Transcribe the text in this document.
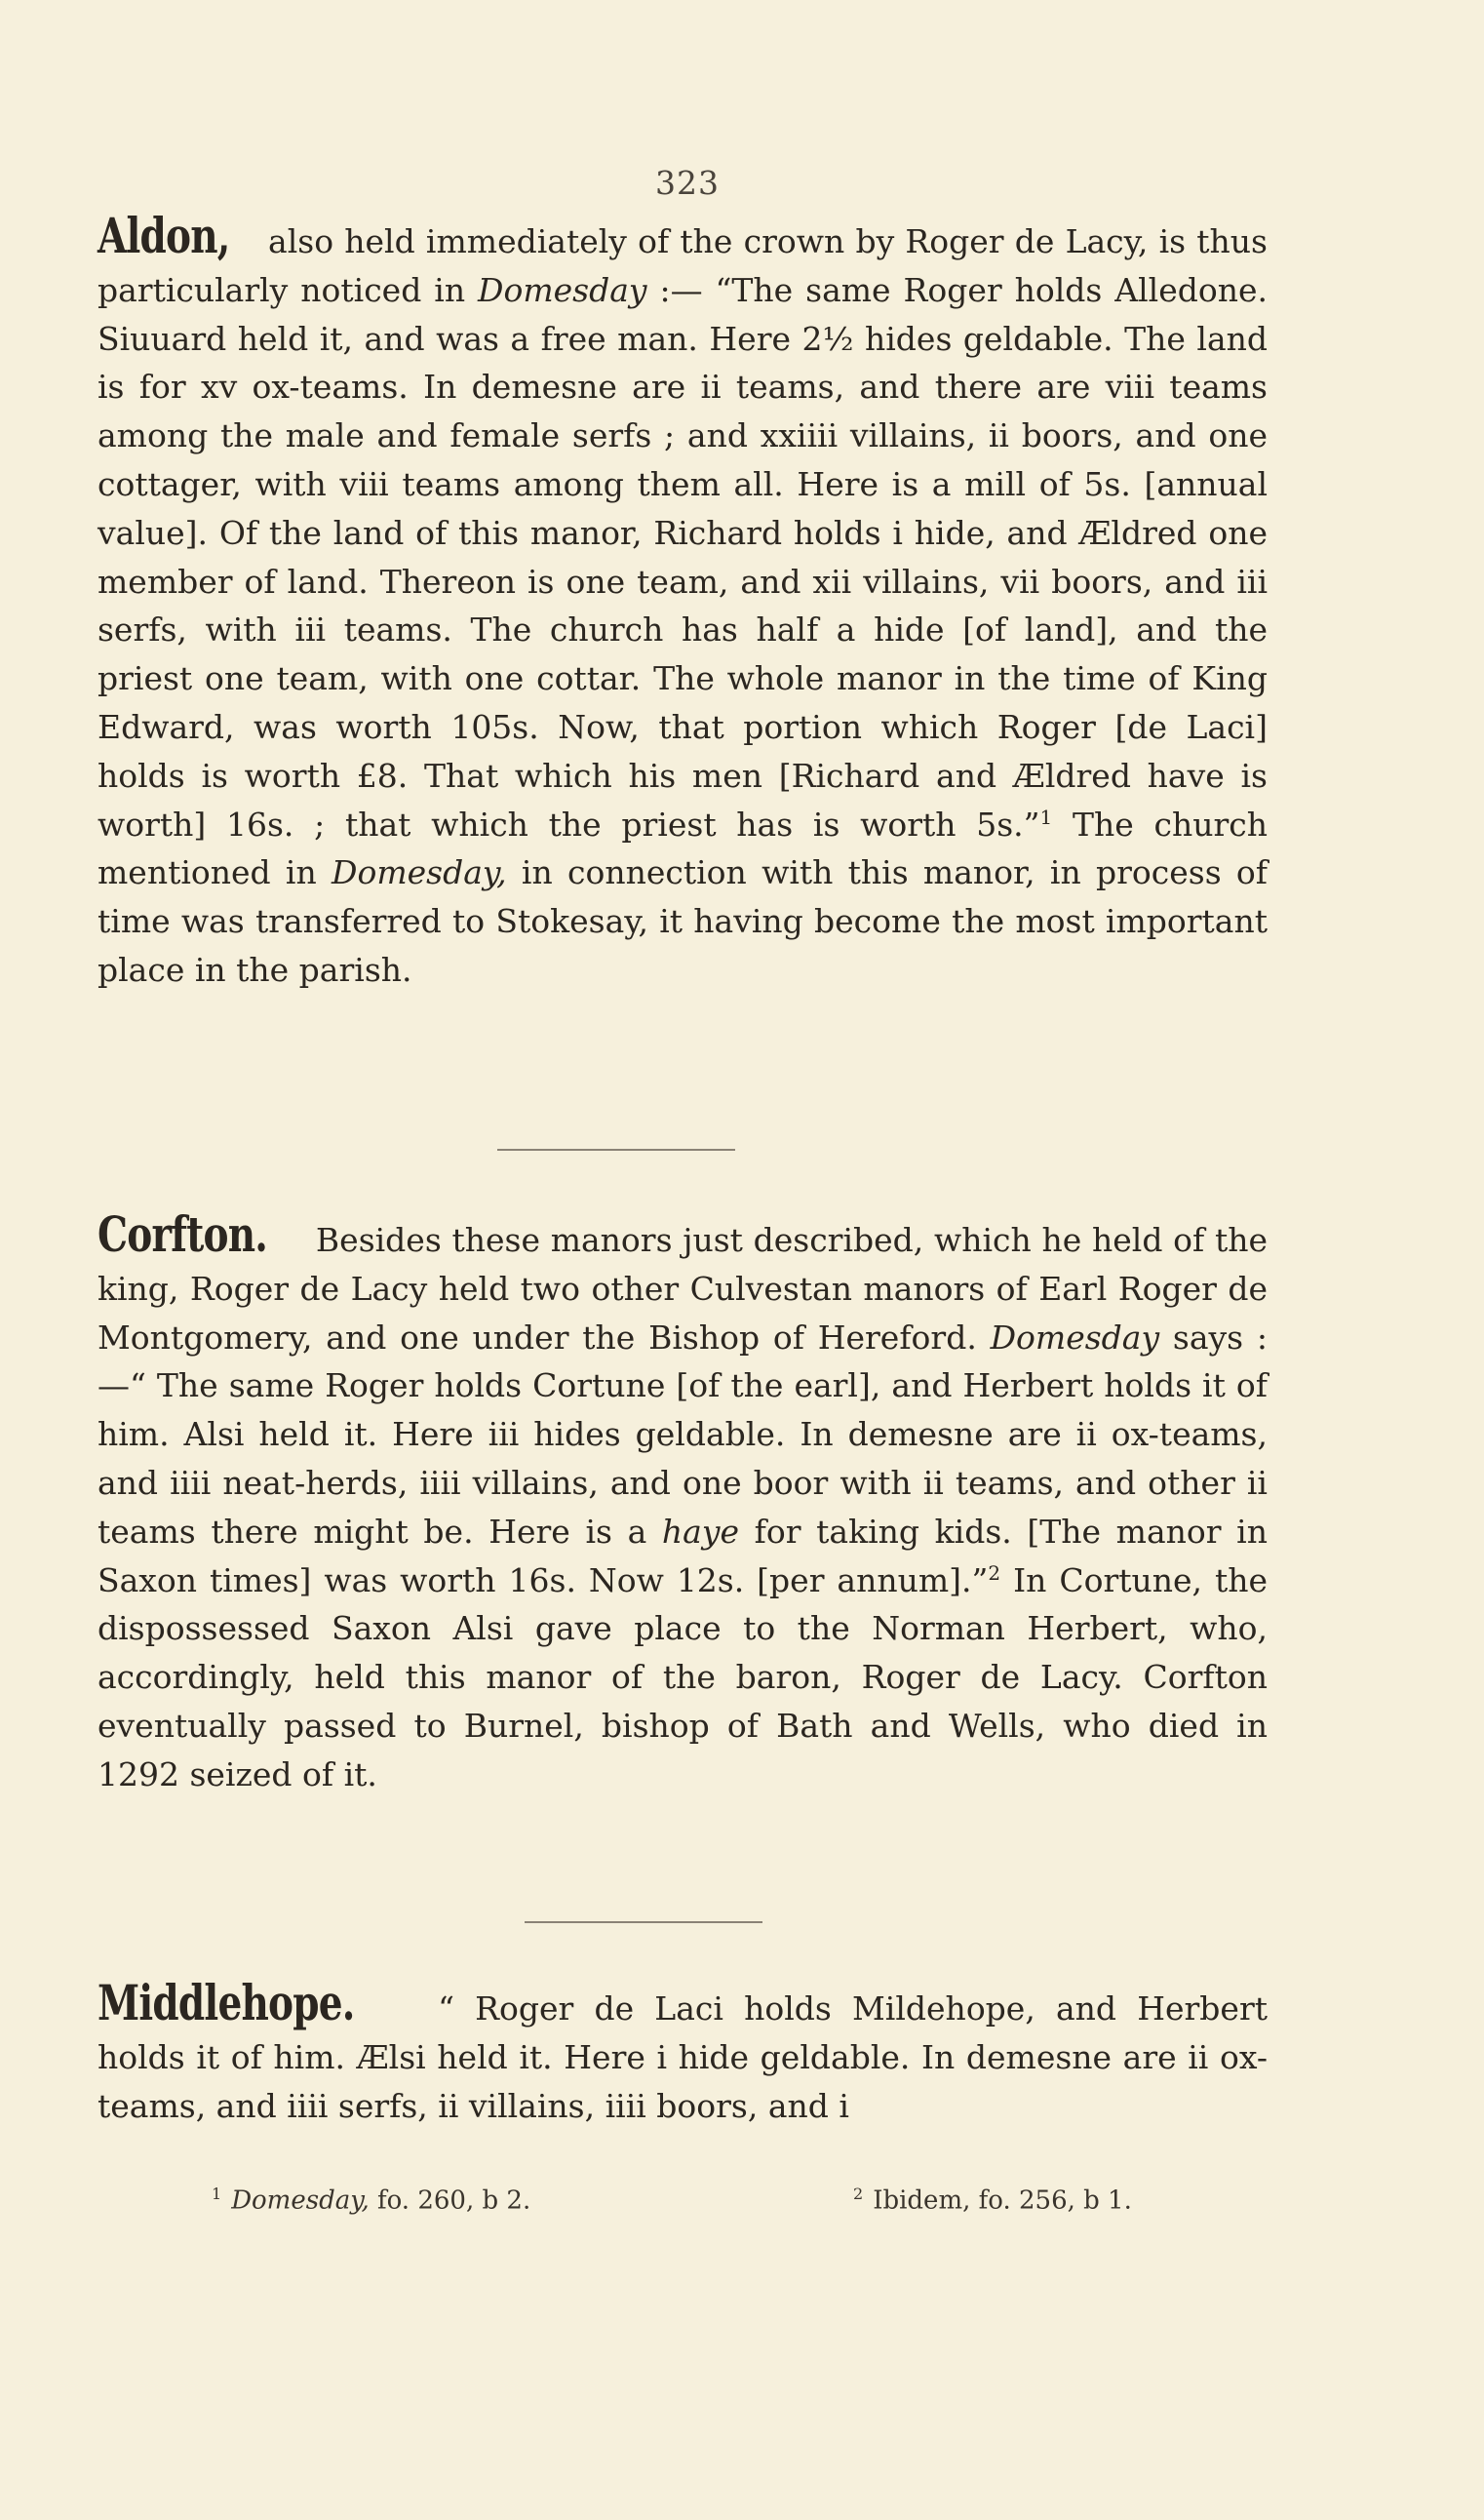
323

Aldon, also held immediately of the crown by Roger de Lacy, is thus particularly noticed in Domesday :— “The same Roger holds Alledone. Siuuard held it, and was a free man. Here 2½ hides geldable. The land is for xv ox-teams. In demesne are ii teams, and there are viii teams among the male and female serfs ; and xxiiii villains, ii boors, and one cottager, with viii teams among them all. Here is a mill of 5s. [annual value]. Of the land of this manor, Richard holds i hide, and Ældred one member of land. Thereon is one team, and xii villains, vii boors, and iii serfs, with iii teams. The church has half a hide [of land], and the priest one team, with one cottar. The whole manor in the time of King Edward, was worth 105s. Now, that portion which Roger [de Laci] holds is worth £8. That which his men [Richard and Ældred have is worth] 16s. ; that which the priest has is worth 5s.”$^1$ The church mentioned in Domesday, in connection with this manor, in process of time was transferred to Stokesay, it having become the most important place in the parish.

Corfton. Besides these manors just described, which he held of the king, Roger de Lacy held two other Culvestan manors of Earl Roger de Montgomery, and one under the Bishop of Hereford. Domesday says :—“ The same Roger holds Cortune [of the earl], and Herbert holds it of him. Alsi held it. Here iii hides geldable. In demesne are ii ox-teams, and iiii neat-herds, iiii villains, and one boor with ii teams, and other ii teams there might be. Here is a haye for taking kids. [The manor in Saxon times] was worth 16s. Now 12s. [per annum].”$^2$ In Cortune, the dispossessed Saxon Alsi gave place to the Norman Herbert, who, accordingly, held this manor of the baron, Roger de Lacy. Corfton eventually passed to Burnel, bishop of Bath and Wells, who died in 1292 seized of it.

Middlehope. “ Roger de Laci holds Mildehope, and Herbert holds it of him. Ælsi held it. Here i hide geldable. In demesne are ii ox-teams, and iiii serfs, ii villains, iiii boors, and i

$^1$ Domesday, fo. 260, b 2.	$^2$ Ibidem, fo. 256, b 1.
